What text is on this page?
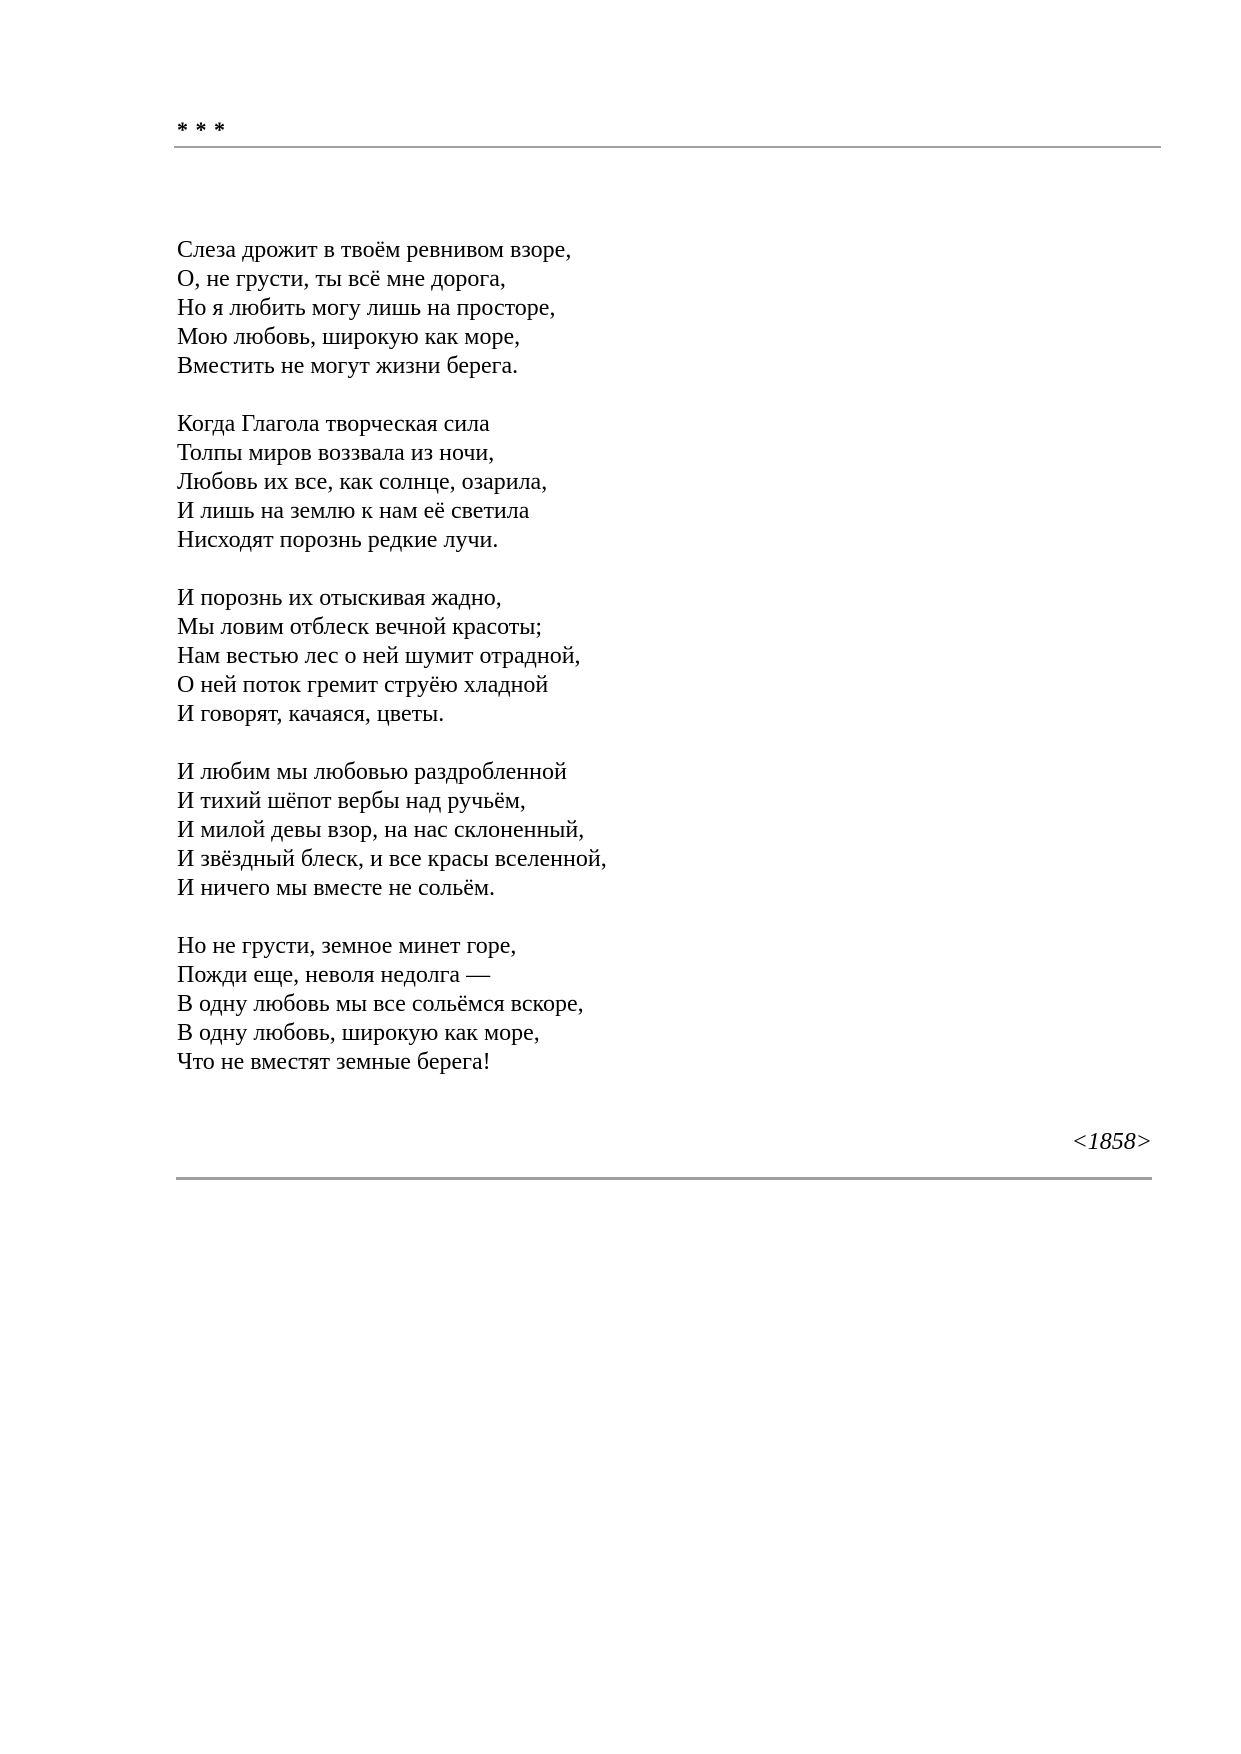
* * *
Слеза дрожит в твоём ревнивом взоре,
О, не грусти, ты всё мне дорога,
Но я любить могу лишь на просторе,
Мою любовь, широкую как море,
Вместить не могут жизни берега.
Когда Глагола творческая сила
Толпы миров воззвала из ночи,
Любовь их все, как солнце, озарила,
И лишь на землю к нам её светила
Нисходят порознь редкие лучи.
И порознь их отыскивая жадно,
Мы ловим отблеск вечной красоты;
Нам вестью лес о ней шумит отрадной,
О ней поток гремит струёю хладной
И говорят, качаяся, цветы.
И любим мы любовью раздробленной
И тихий шёпот вербы над ручьём,
И милой девы взор, на нас склоненный,
И звёздный блеск, и все красы вселенной,
И ничего мы вместе не сольём.
Но не грусти, земное минет горе,
Пожди еще, неволя недолга —
В одну любовь мы все сольёмся вскоре,
В одну любовь, широкую как море,
Что не вместят земные берега!
<1858>
